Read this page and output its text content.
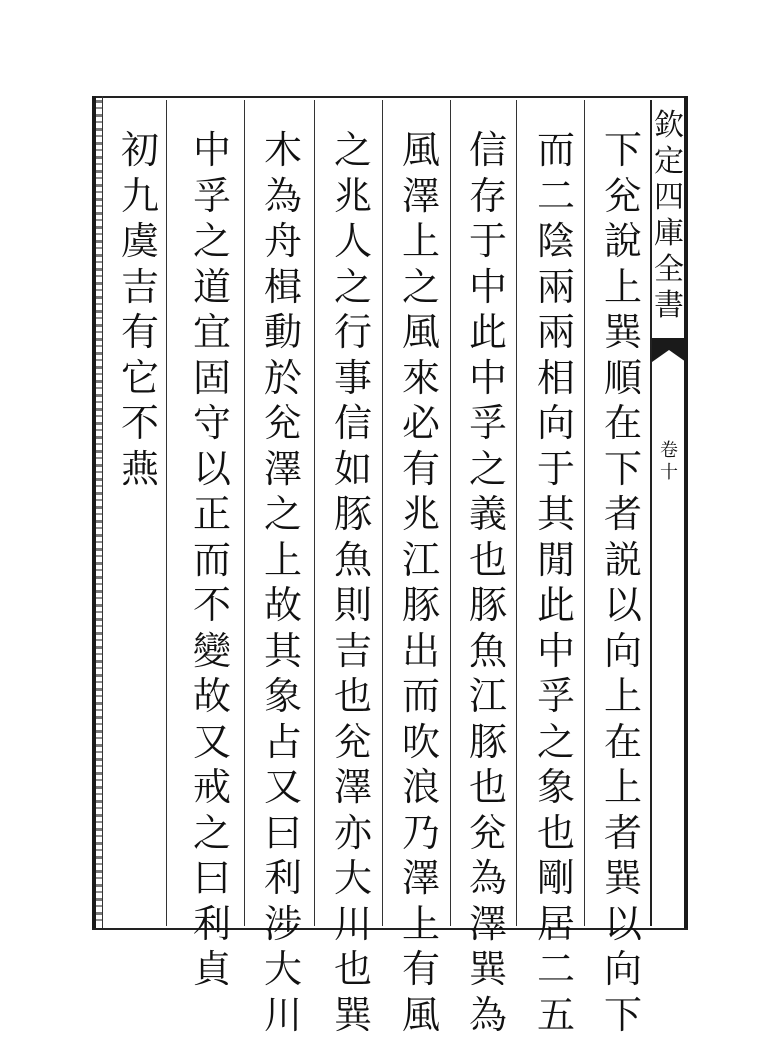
欽
定
四
庫
全
書
卷
十
下
兊
說
上
巽
順
在
下
者
説
以
向
上
在
上
者
巽
以
向
下
而
二
陰
兩
兩
相
向
于
其
閒
此
中
孚
之
象
也
剛
居
二
五
信
存
于
中
此
中
孚
之
義
也
豚
魚
江
豚
也
兊
為
澤
巽
為
風
澤
上
之
風
來
必
有
兆
江
豚
出
而
吹
浪
乃
澤
上
有
風
之
兆
人
之
行
事
信
如
豚
魚
則
吉
也
兊
澤
亦
大
川
也
巽
木
為
舟
楫
動
於
兊
澤
之
上
故
其
象
占
又
曰
利
涉
大
川
中
孚
之
道
宜
固
守
以
正
而
不
變
故
又
戒
之
曰
利
貞
初
九
虞
吉
有
它
不
燕
